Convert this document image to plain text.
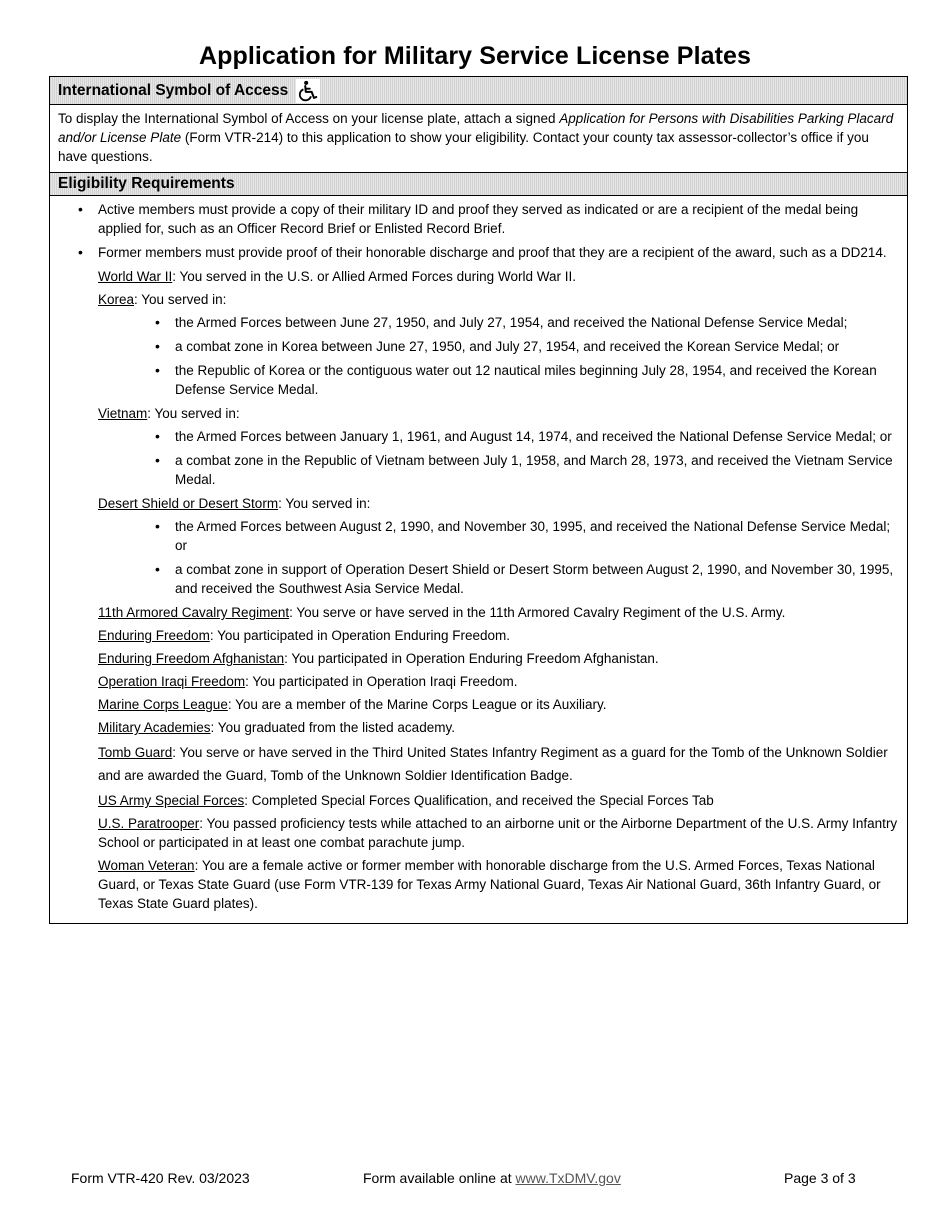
Application for Military Service License Plates
International Symbol of Access
To display the International Symbol of Access on your license plate, attach a signed Application for Persons with Disabilities Parking Placard and/or License Plate (Form VTR-214) to this application to show your eligibility. Contact your county tax assessor-collector’s office if you have questions.
Eligibility Requirements
• Active members must provide a copy of their military ID and proof they served as indicated or are a recipient of the medal being applied for, such as an Officer Record Brief or Enlisted Record Brief.
• Former members must provide proof of their honorable discharge and proof that they are a recipient of the award, such as a DD214.
World War II: You served in the U.S. or Allied Armed Forces during World War II.
Korea: You served in:
• the Armed Forces between June 27, 1950, and July 27, 1954, and received the National Defense Service Medal;
• a combat zone in Korea between June 27, 1950, and July 27, 1954, and received the Korean Service Medal; or
• the Republic of Korea or the contiguous water out 12 nautical miles beginning July 28, 1954, and received the Korean Defense Service Medal.
Vietnam: You served in:
• the Armed Forces between January 1, 1961, and August 14, 1974, and received the National Defense Service Medal; or
• a combat zone in the Republic of Vietnam between July 1, 1958, and March 28, 1973, and received the Vietnam Service Medal.
Desert Shield or Desert Storm: You served in:
• the Armed Forces between August 2, 1990, and November 30, 1995, and received the National Defense Service Medal; or
• a combat zone in support of Operation Desert Shield or Desert Storm between August 2, 1990, and November 30, 1995, and received the Southwest Asia Service Medal.
11th Armored Cavalry Regiment: You serve or have served in the 11th Armored Cavalry Regiment of the U.S. Army.
Enduring Freedom: You participated in Operation Enduring Freedom.
Enduring Freedom Afghanistan: You participated in Operation Enduring Freedom Afghanistan.
Operation Iraqi Freedom: You participated in Operation Iraqi Freedom.
Marine Corps League: You are a member of the Marine Corps League or its Auxiliary.
Military Academies: You graduated from the listed academy.
Tomb Guard: You serve or have served in the Third United States Infantry Regiment as a guard for the Tomb of the Unknown Soldier and are awarded the Guard, Tomb of the Unknown Soldier Identification Badge.
US Army Special Forces: Completed Special Forces Qualification, and received the Special Forces Tab
U.S. Paratrooper: You passed proficiency tests while attached to an airborne unit or the Airborne Department of the U.S. Army Infantry School or participated in at least one combat parachute jump.
Woman Veteran: You are a female active or former member with honorable discharge from the U.S. Armed Forces, Texas National Guard, or Texas State Guard (use Form VTR-139 for Texas Army National Guard, Texas Air National Guard, 36th Infantry Guard, or Texas State Guard plates).
Form VTR-420 Rev. 03/2023	Form available online at www.TxDMV.gov	Page 3 of 3
